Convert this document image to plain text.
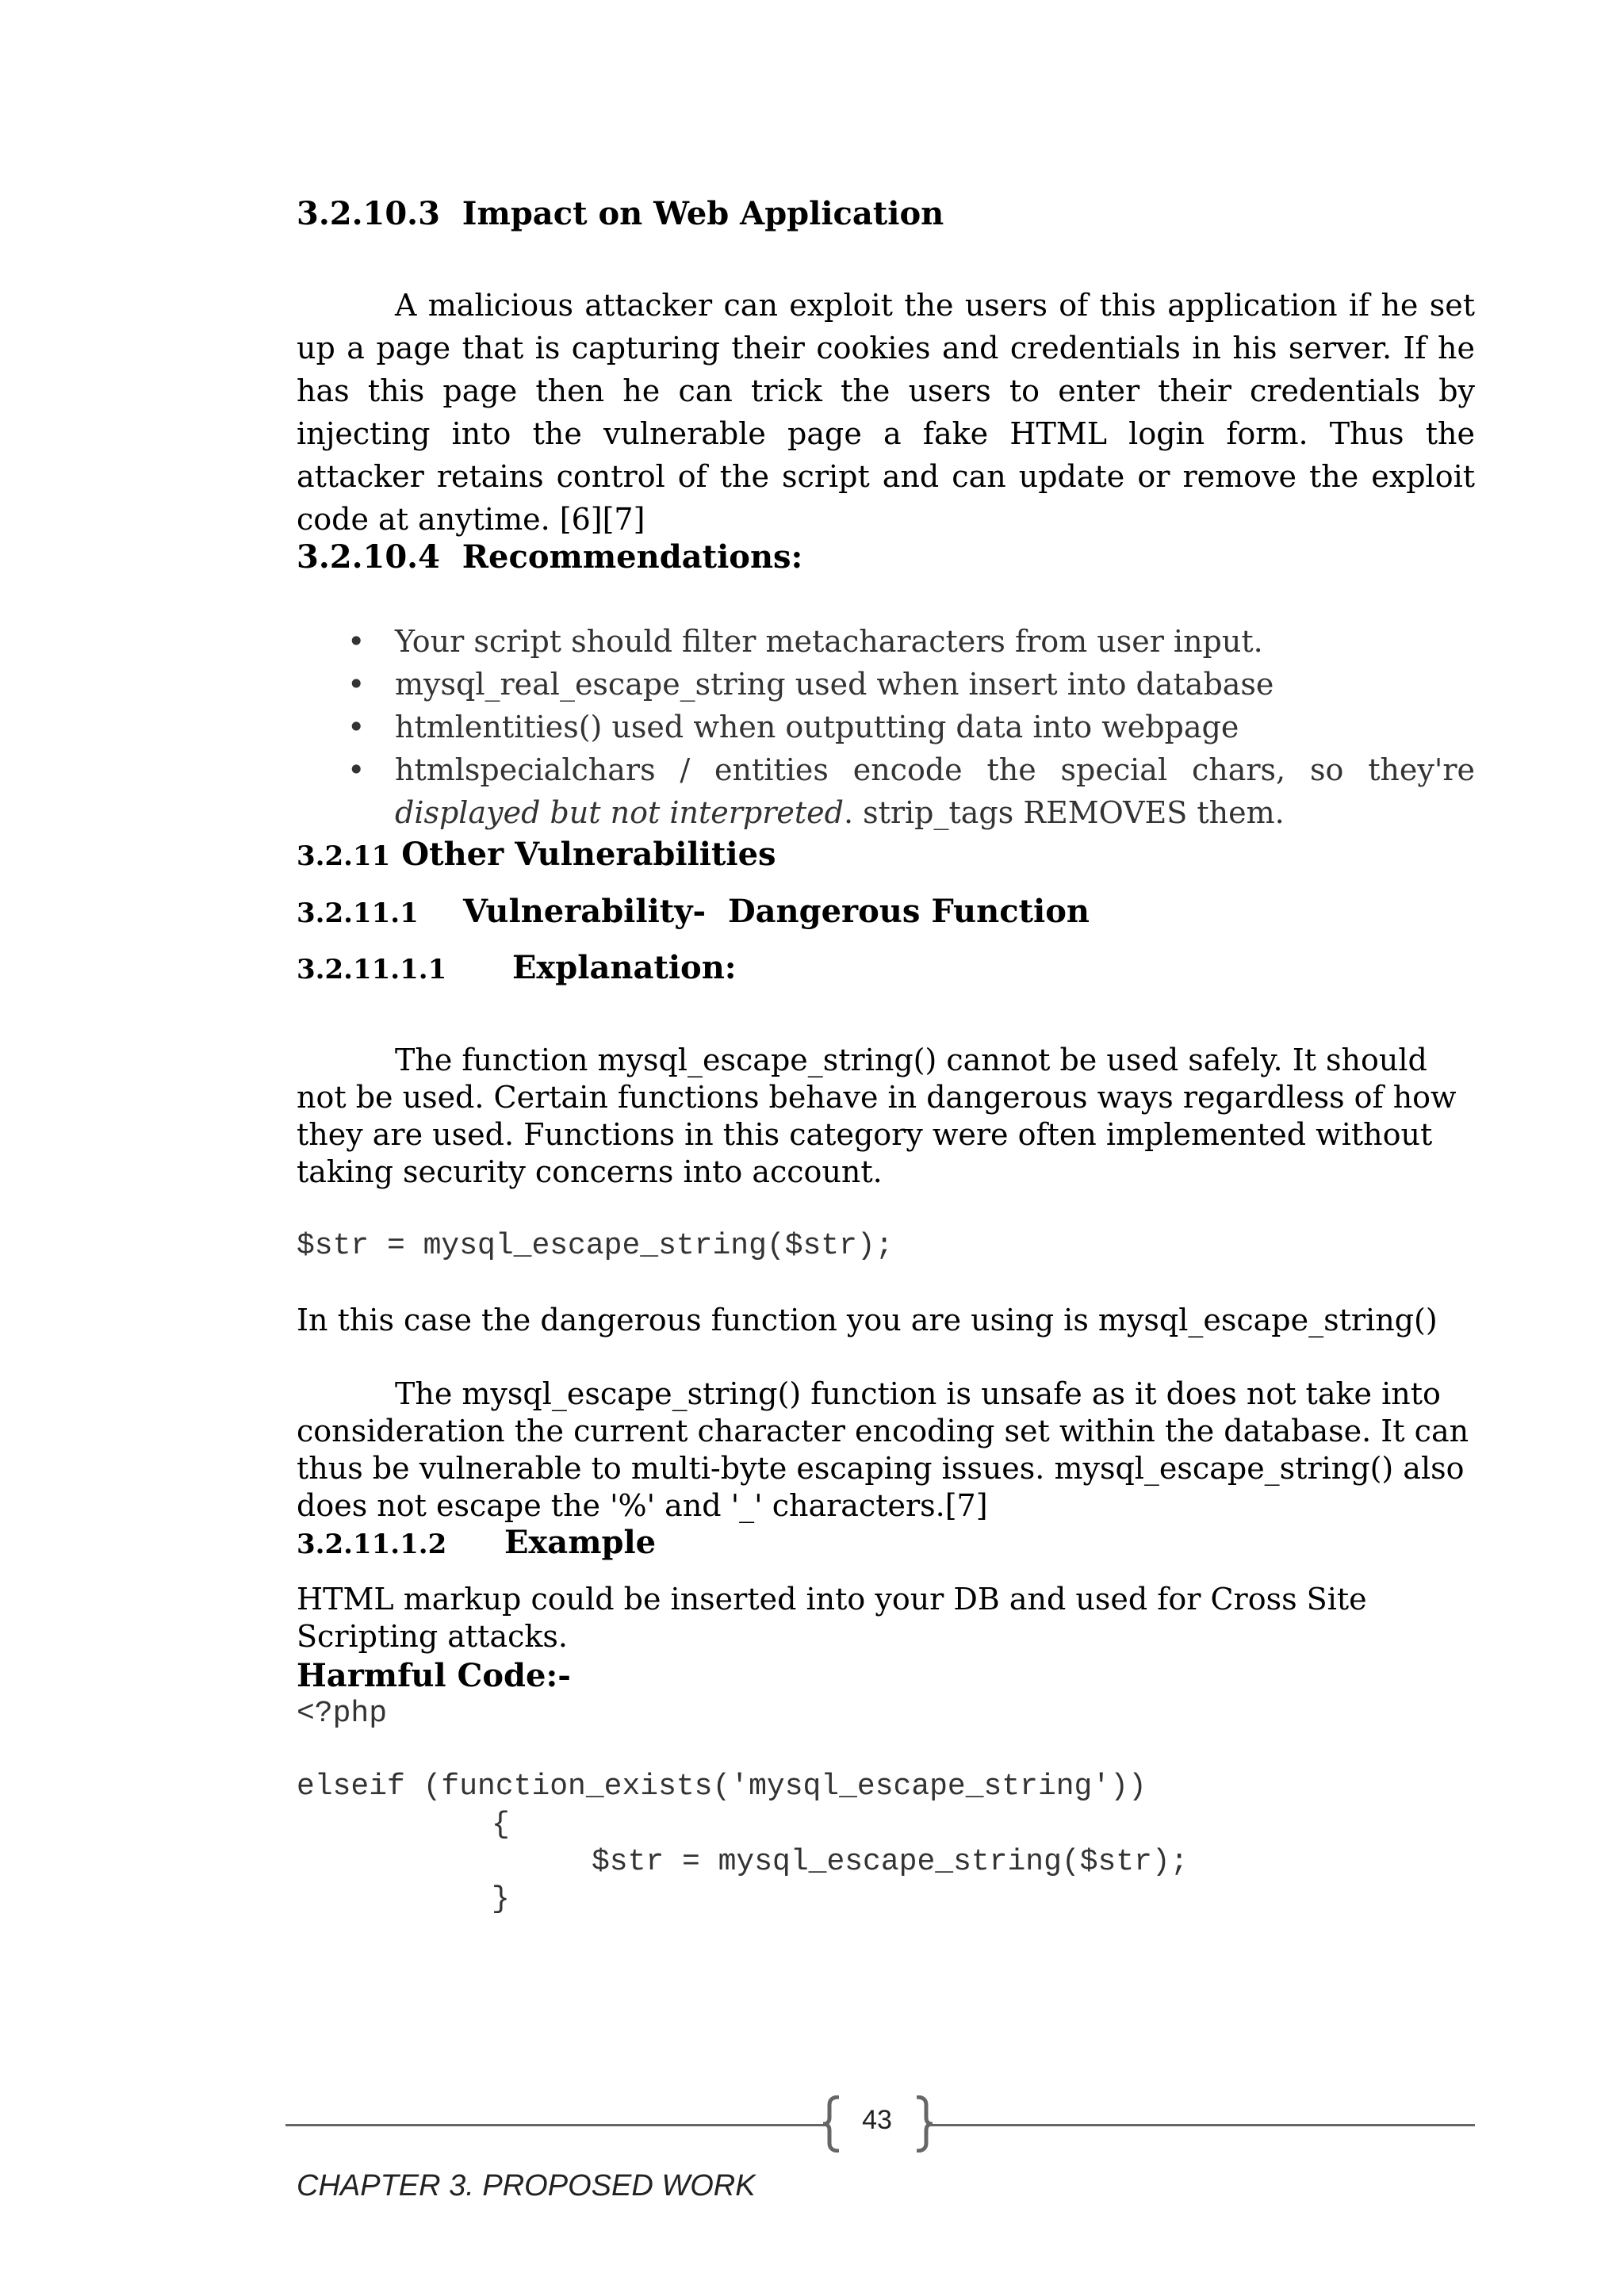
3.2.10.3 Impact on Web Application
A malicious attacker can exploit the users of this application if he set up a page that is capturing their cookies and credentials in his server. If he has this page then he can trick the users to enter their credentials by injecting into the vulnerable page a fake HTML login form. Thus the attacker retains control of the script and can update or remove the exploit code at anytime. [6][7]
3.2.10.4 Recommendations:
• Your script should filter metacharacters from user input.
• mysql_real_escape_string used when insert into database
• htmlentities() used when outputting data into webpage
• htmlspecialchars / entities encode the special chars, so they're displayed but not interpreted. strip_tags REMOVES them.
3.2.11 Other Vulnerabilities
3.2.11.1 Vulnerability-  Dangerous Function
3.2.11.1.1 Explanation:
The function mysql_escape_string() cannot be used safely. It should not be used. Certain functions behave in dangerous ways regardless of how they are used. Functions in this category were often implemented without taking security concerns into account.
$str = mysql_escape_string($str);
In this case the dangerous function you are using is mysql_escape_string()
The mysql_escape_string() function is unsafe as it does not take into consideration the current character encoding set within the database. It can thus be vulnerable to multi-byte escaping issues. mysql_escape_string() also does not escape the '%' and '_' characters.[7]
3.2.11.1.2 Example
HTML markup could be inserted into your DB and used for Cross Site Scripting attacks.
Harmful Code:-
<?php
elseif (function_exists('mysql_escape_string'))
{
$str = mysql_escape_string($str);
}
43
CHAPTER 3. PROPOSED WORK
